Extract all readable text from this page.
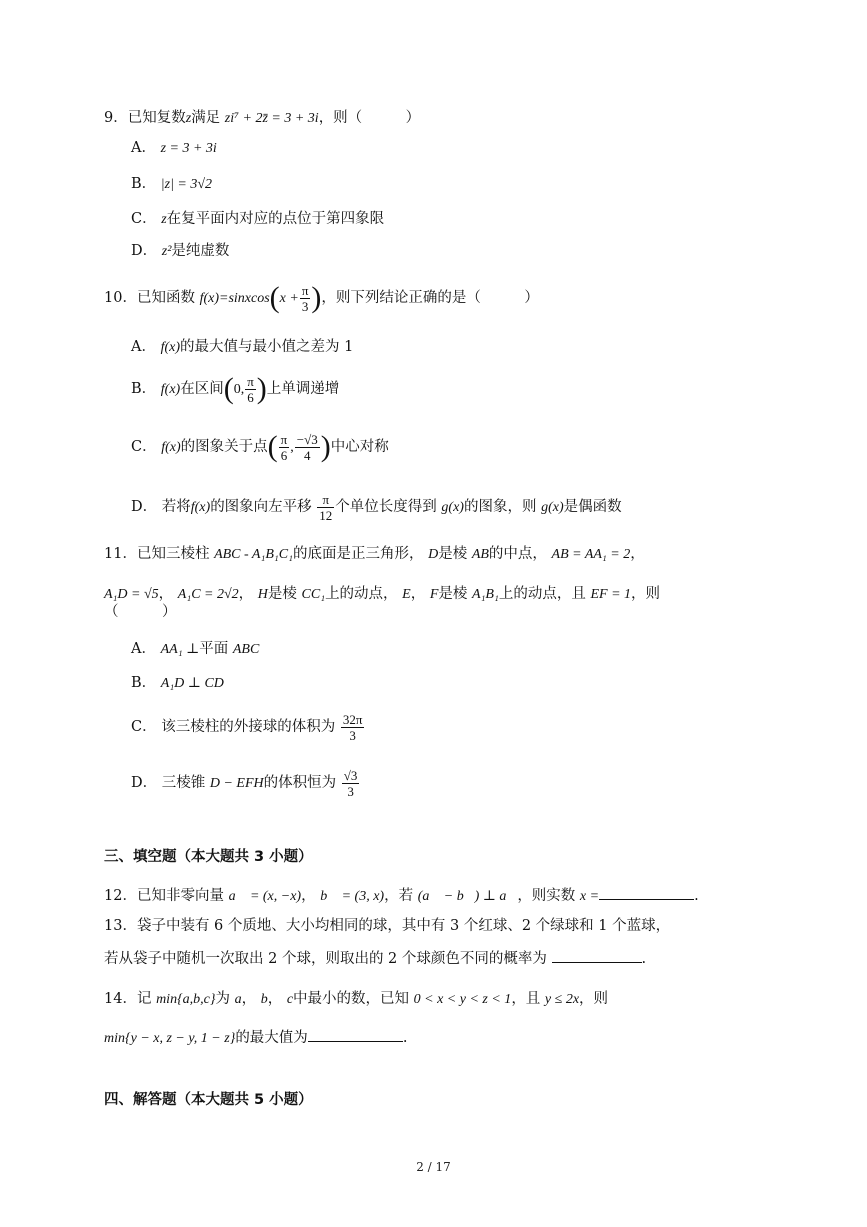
9．已知复数z满足 zi⁷ + 2z̄ = 3 + 3i，则（　　　）
A． z = 3 + 3i
B． |z| = 3√2
C． z在复平面内对应的点位于第四象限
D． z²是纯虚数
10．已知函数 f(x)=sinxcos(x + $\frac{\pi}{3}$ )，则下列结论正确的是（　　　）
A． f(x)的最大值与最小值之差为 1
B． f(x)在区间(0, $\frac{\pi}{6}$ )上单调递增
C． f(x)的图象关于点( $\frac{\pi}{6}$ , $\frac{-√3}{4}$ )中心对称
D． 若将f(x)的图象向左平移 $\frac{\pi}{12}$ 个单位长度得到 g(x)的图象，则 g(x)是偶函数
11．已知三棱柱 ABC - A₁B₁C₁的底面是正三角形， D是棱 AB的中点， AB = AA₁ = 2，
A₁D = √5， A₁C = 2√2， H是棱 CC₁上的动点， E， F是棱 A₁B₁上的动点，且 EF = 1，则
（　　　）
A． AA₁ ⊥平面 ABC
B． A₁D ⊥ CD
C． 该三棱柱的外接球的体积为 $\frac{32\pi}{3}$
D． 三棱锥 D − EFH的体积恒为 $\frac{√3}{3}$
三、填空题（本大题共 3 小题）
12．已知非零向量 a⃗ = (x, −x)， b⃗ = (3, x)，若 (a⃗ − b⃗) ⊥ a⃗，则实数 x =	.
13．袋子中装有 6 个质地、大小均相同的球，其中有 3 个红球、2 个绿球和 1 个蓝球，
若从袋子中随机一次取出 2 个球，则取出的 2 个球颜色不同的概率为	.
14．记 min{a,b,c}为 a， b， c中最小的数，已知 0 < x < y < z < 1，且 y ≤ 2x，则
min{y − x, z − y, 1 − z}的最大值为	.
四、解答题（本大题共 5 小题）
2 / 17
